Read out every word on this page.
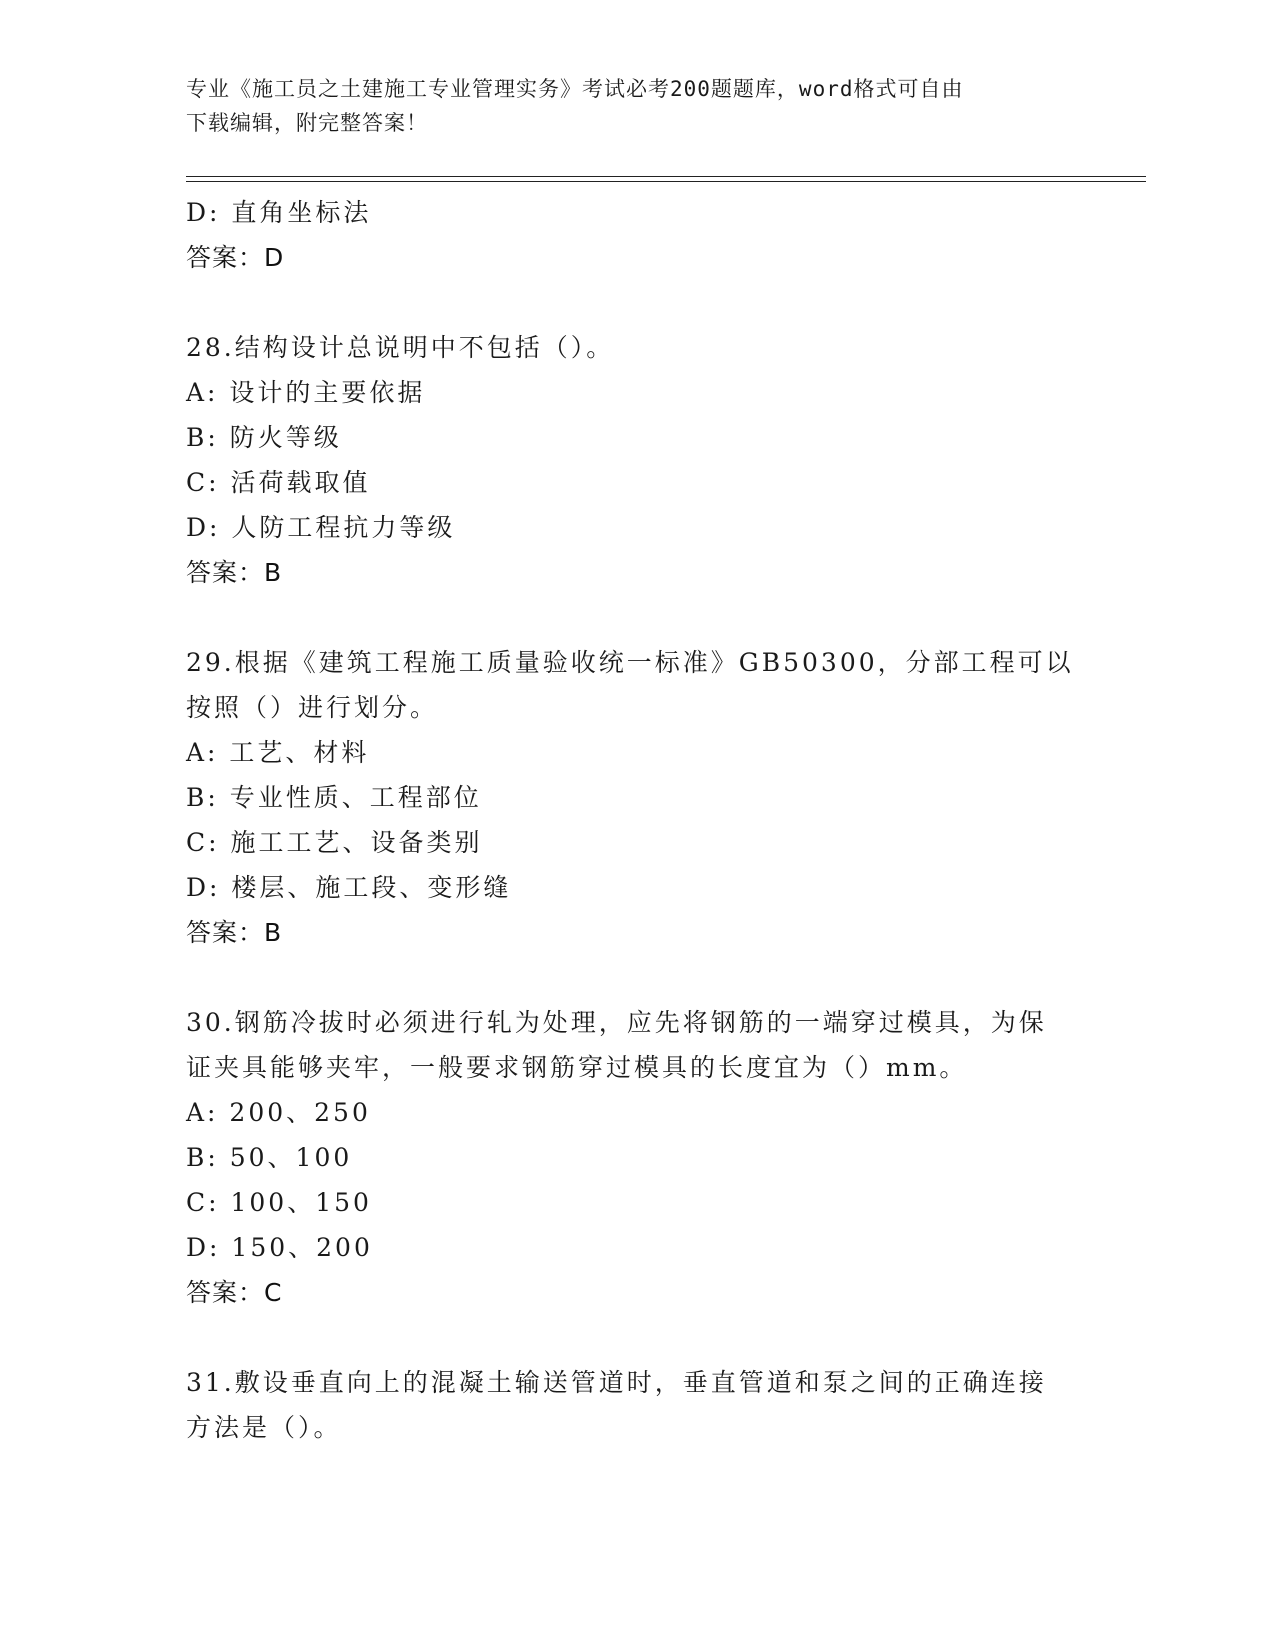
专业《施工员之土建施工专业管理实务》考试必考200题题库，word格式可自由
下载编辑，附完整答案！
D: 直角坐标法
答案：D
28.结构设计总说明中不包括（）。
A: 设计的主要依据
B: 防火等级
C: 活荷载取值
D: 人防工程抗力等级
答案：B
29.根据《建筑工程施工质量验收统一标准》GB50300，分部工程可以
按照（）进行划分。
A: 工艺、材料
B: 专业性质、工程部位
C: 施工工艺、设备类别
D: 楼层、施工段、变形缝
答案：B
30.钢筋冷拔时必须进行轧为处理，应先将钢筋的一端穿过模具，为保
证夹具能够夹牢，一般要求钢筋穿过模具的长度宜为（）mm。
A: 200、250
B: 50、100
C: 100、150
D: 150、200
答案：C
31.敷设垂直向上的混凝土输送管道时，垂直管道和泵之间的正确连接
方法是（）。
